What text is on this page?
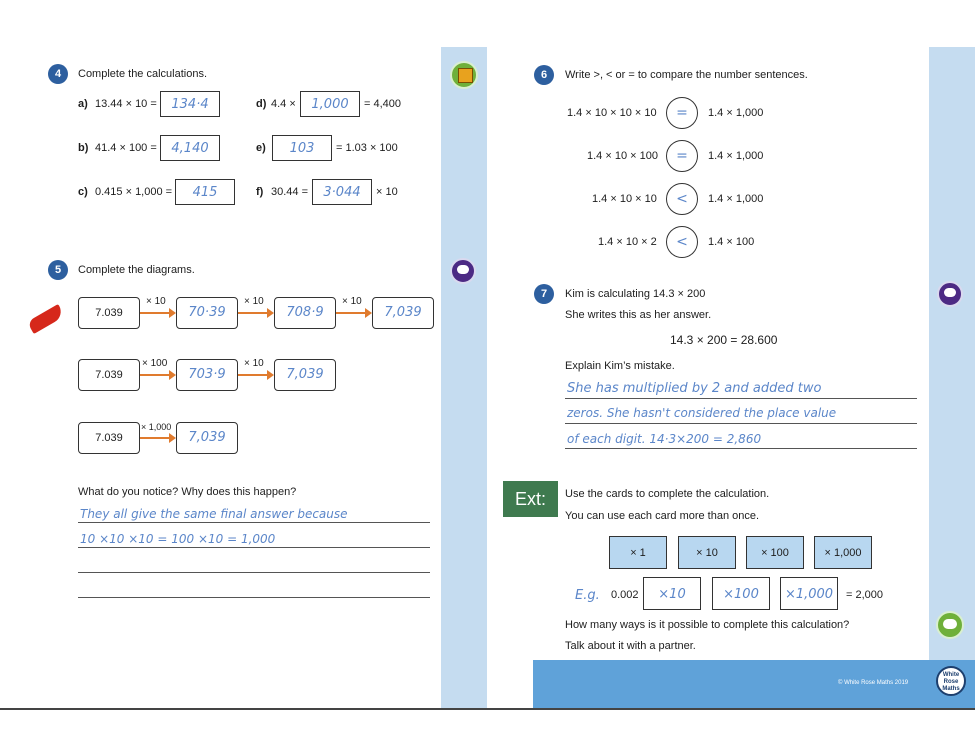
© White Rose Maths 2019
White
Rose
Maths
4	Complete the calculations.
a) 13.44 × 10 =	134·4
b) 41.4 × 100 =	4,140
c) 0.415 × 1,000 =	415
d) 4.4 ×	1,000	= 4,400
e)	103	= 1.03 × 100
f) 30.44 =	3·044	× 10
5	Complete the diagrams.
7.039
× 10
70·39
× 10
708·9
× 10
7,039
7.039
× 100
703·9
× 10
7,039
7.039
× 1,000
7,039
What do you notice? Why does this happen?
They all give the same final answer because
10 ×10 ×10 = 100 ×10 = 1,000
6	Write >, < or = to compare the number sentences.
1.4 × 10 × 10 × 10	=	1.4 × 1,000
1.4 × 10 × 100	=	1.4 × 1,000
1.4 × 10 × 10	<	1.4 × 1,000
1.4 × 10 × 2	<	1.4 × 100
7	Kim is calculating 14.3 × 200
She writes this as her answer.
14.3 × 200 = 28.600
Explain Kim’s mistake.
She has multiplied by 2 and added two
zeros. She hasn't considered the place value
of each digit. 14·3×200 = 2,860
Ext:	Use the cards to complete the calculation.
You can use each card more than once.
× 1	× 10	× 100	× 1,000
E.g. 0.002	×10	×100	×1,000	= 2,000
How many ways is it possible to complete this calculation?
Talk about it with a partner.
